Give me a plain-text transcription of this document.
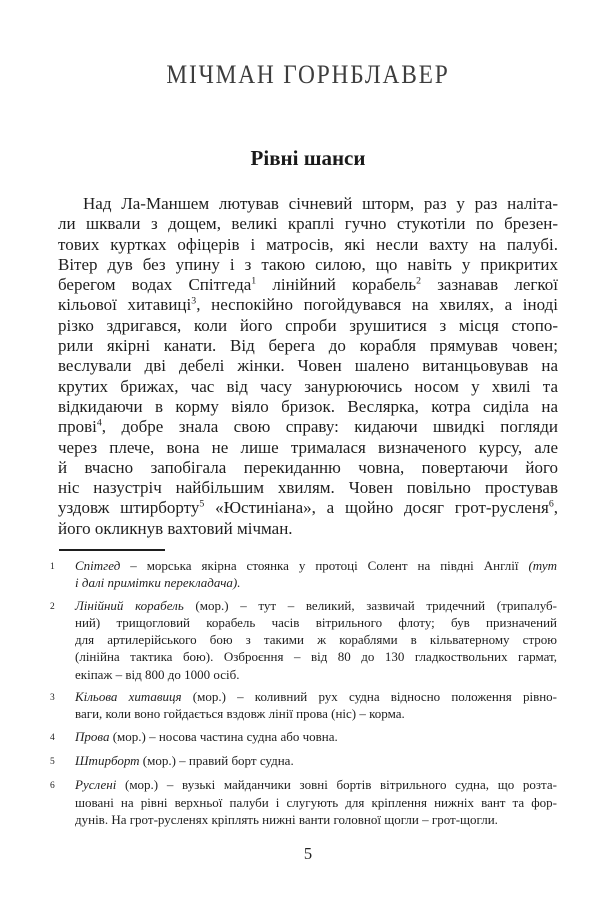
МІЧМАН ГОРНБЛАВЕР
Рівні шанси
Над Ла-Маншем лютував січневий шторм, раз у раз наліта-
ли шквали з дощем, великі краплі гучно стукотіли по брезен-
тових куртках офіцерів і матросів, які несли вахту на палубі.
Вітер дув без упину і з такою силою, що навіть у прикритих
берегом водах Спітгеда$^1$ лінійний корабель$^2$ зазнавав легкої
кільової хитавиці$^3$, неспокійно погойдувався на хвилях, а іноді
різко здригався, коли його спроби зрушитися з місця стопо-
рили якірні канати. Від берега до корабля прямував човен;
веслували дві дебелі жінки. Човен шалено витанцьовував на
крутих брижах, час від часу занурюючись носом у хвилі та
відкидаючи в корму віяло бризок. Веслярка, котра сиділа на
прові$^4$, добре знала свою справу: кидаючи швидкі погляди
через плече, вона не лише трималася визначеного курсу, але
й вчасно запобігала перекиданню човна, повертаючи його
ніс назустріч найбільшим хвилям. Човен повільно простував
уздовж штирборту$^5$ «Юстиніана», а щойно досяг грот-русленя$^6$,
його окликнув вахтовий мічман.
1	Спітгед – морська якірна стоянка у протоці Солент на півдні Англії (тут
і далі примітки перекладача).
2	Лінійний корабель (мор.) – тут – великий, зазвичай тридечний (трипалуб-
ний) трищогловий корабель часів вітрильного флоту; був призначений
для артилерійського бою з такими ж кораблями в кільватерному строю
(лінійна тактика бою). Озброєння – від 80 до 130 гладкоствольних гармат,
екіпаж – від 800 до 1000 осіб.
3	Кільова хитавиця (мор.) – коливний рух судна відносно положення рівно-
ваги, коли воно гойдається вздовж лінії прова (ніс) – корма.
4	Прова (мор.) – носова частина судна або човна.
5	Штирборт (мор.) – правий борт судна.
6	Руслені (мор.) – вузькі майданчики зовні бортів вітрильного судна, що розта-
шовані на рівні верхньої палуби і слугують для кріплення нижніх вант та фор-
дунів. На грот-русленях кріплять нижні ванти головної щогли – грот-щогли.
5
